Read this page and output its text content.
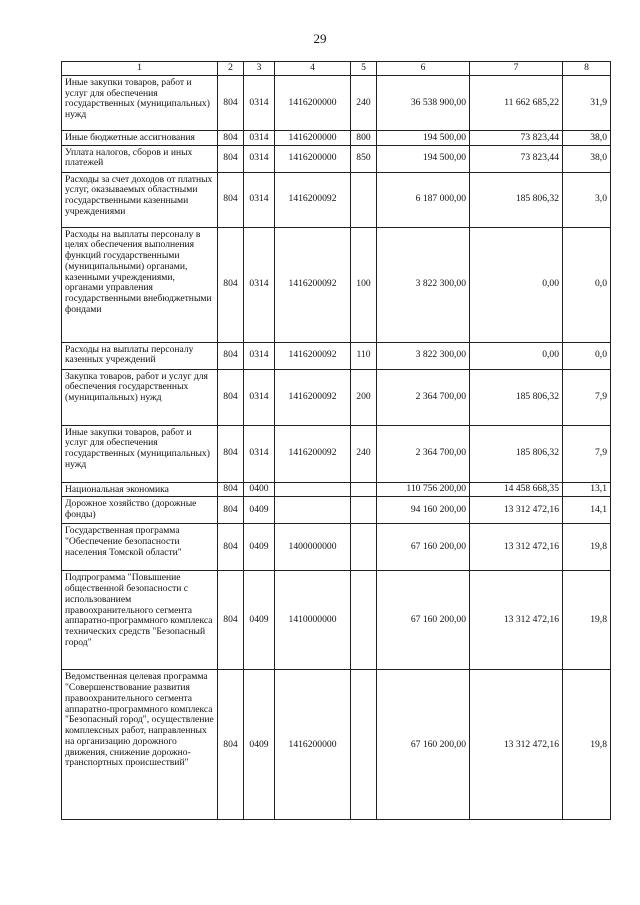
29
1	2	3	4	5	6	7	8
Иные закупки товаров, работ и услуг для обеспечения государственных (муниципальных) нужд	804	0314	1416200000	240	36 538 900,00	11 662 685,22	31,9
Иные бюджетные ассигнования	804	0314	1416200000	800	194 500,00	73 823,44	38,0
Уплата налогов, сборов и иных платежей	804	0314	1416200000	850	194 500,00	73 823,44	38,0
Расходы за счет доходов от платных услуг, оказываемых областными государственными казенными учреждениями	804	0314	1416200092		6 187 000,00	185 806,32	3,0
Расходы на выплаты персоналу в целях обеспечения выполнения функций государственными (муниципальными) органами, казенными учреждениями, органами управления государственными внебюджетными фондами	804	0314	1416200092	100	3 822 300,00	0,00	0,0
Расходы на выплаты персоналу казенных учреждений	804	0314	1416200092	110	3 822 300,00	0,00	0,0
Закупка товаров, работ и услуг для обеспечения государственных (муниципальных) нужд	804	0314	1416200092	200	2 364 700,00	185 806,32	7,9
Иные закупки товаров, работ и услуг для обеспечения государственных (муниципальных) нужд	804	0314	1416200092	240	2 364 700,00	185 806,32	7,9
Национальная экономика	804	0400			110 756 200,00	14 458 668,35	13,1
Дорожное хозяйство (дорожные фонды)	804	0409			94 160 200,00	13 312 472,16	14,1
Государственная программа "Обеспечение безопасности населения Томской области"	804	0409	1400000000		67 160 200,00	13 312 472,16	19,8
Подпрограмма "Повышение общественной безопасности с использованием правоохранительного сегмента аппаратно-программного комплекса технических средств "Безопасный город"	804	0409	1410000000		67 160 200,00	13 312 472,16	19,8
Ведомственная целевая программа "Совершенствование развития правоохранительного сегмента аппаратно-программного комплекса "Безопасный город", осуществление комплексных работ, направленных на организацию дорожного движения, снижение дорожно-транспортных происшествий"	804	0409	1416200000		67 160 200,00	13 312 472,16	19,8
